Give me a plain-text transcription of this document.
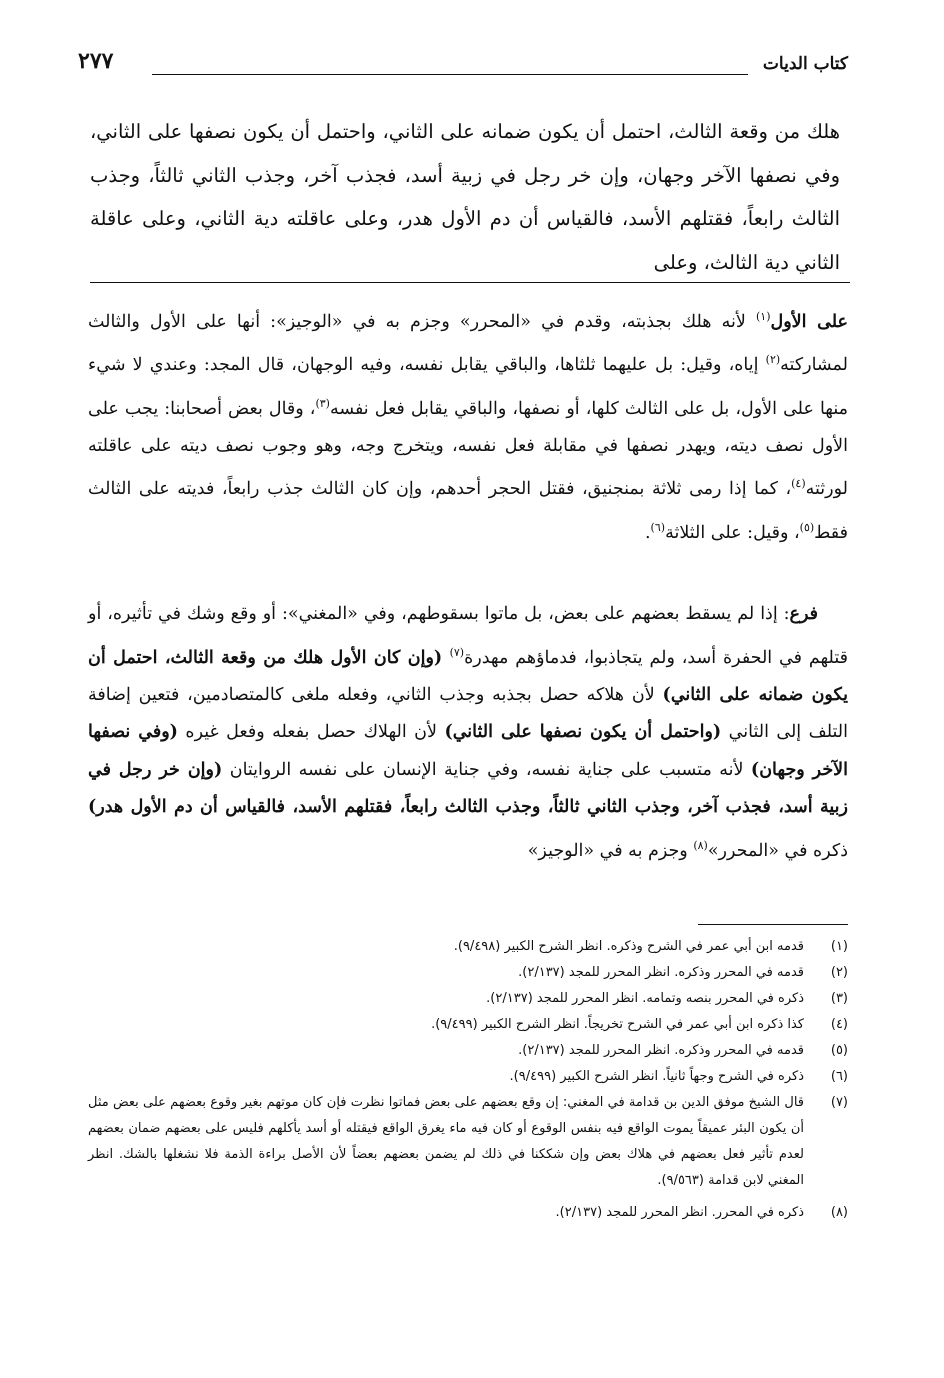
كتاب الديات
٢٧٧

هلك من وقعة الثالث، احتمل أن يكون ضمانه على الثاني، واحتمل أن يكون نصفها على الثاني، وفي نصفها الآخر وجهان، وإن خر رجل في زبية أسد، فجذب آخر، وجذب الثاني ثالثاً، وجذب الثالث رابعاً، فقتلهم الأسد، فالقياس أن دم الأول هدر، وعلى عاقلته دية الثاني، وعلى عاقلة الثاني دية الثالث، وعلى

على الأول$^{(١)}$ لأنه هلك بجذبته، وقدم في «المحرر» وجزم به في «الوجيز»: أنها على الأول والثالث لمشاركته$^{(٢)}$ إياه، وقيل: بل عليهما ثلثاها، والباقي يقابل نفسه، وفيه الوجهان، قال المجد: وعندي لا شيء منها على الأول، بل على الثالث كلها، أو نصفها، والباقي يقابل فعل نفسه$^{(٣)}$، وقال بعض أصحابنا: يجب على الأول نصف ديته، ويهدر نصفها في مقابلة فعل نفسه، ويتخرج وجه، وهو وجوب نصف ديته على عاقلته لورثته$^{(٤)}$، كما إذا رمى ثلاثة بمنجنيق، فقتل الحجر أحدهم، وإن كان الثالث جذب رابعاً، فديته على الثالث فقط$^{(٥)}$، وقيل: على الثلاثة$^{(٦)}$.

فرع: إذا لم يسقط بعضهم على بعض، بل ماتوا بسقوطهم، وفي «المغني»: أو وقع وشك في تأثيره، أو قتلهم في الحفرة أسد، ولم يتجاذبوا، فدماؤهم مهدرة$^{(٧)}$ (وإن كان الأول هلك من وقعة الثالث، احتمل أن يكون ضمانه على الثاني) لأن هلاكه حصل بجذبه وجذب الثاني، وفعله ملغى كالمتصادمين، فتعين إضافة التلف إلى الثاني (واحتمل أن يكون نصفها على الثاني) لأن الهلاك حصل بفعله وفعل غيره (وفي نصفها الآخر وجهان) لأنه متسبب على جناية نفسه، وفي جناية الإنسان على نفسه الروايتان (وإن خر رجل في زبية أسد، فجذب آخر، وجذب الثاني ثالثاً، وجذب الثالث رابعاً، فقتلهم الأسد، فالقياس أن دم الأول هدر) ذكره في «المحرر»$^{(٨)}$ وجزم به في «الوجيز»

(١)
قدمه ابن أبي عمر في الشرح وذكره. انظر الشرح الكبير (٩/٤٩٨).
(٢)
قدمه في المحرر وذكره. انظر المحرر للمجد (٢/١٣٧).
(٣)
ذكره في المحرر بنصه وتمامه. انظر المحرر للمجد (٢/١٣٧).
(٤)
كذا ذكره ابن أبي عمر في الشرح تخريجاً. انظر الشرح الكبير (٩/٤٩٩).
(٥)
قدمه في المحرر وذكره. انظر المحرر للمجد (٢/١٣٧).
(٦)
ذكره في الشرح وجهاً ثانياً. انظر الشرح الكبير (٩/٤٩٩).
(٧)
قال الشيخ موفق الدين بن قدامة في المغني: إن وقع بعضهم على بعض فماتوا نظرت فإن كان موتهم بغير وقوع بعضهم على بعض مثل أن يكون البئر عميقاً يموت الواقع فيه بنفس الوقوع أو كان فيه ماء يغرق الواقع فيقتله أو أسد يأكلهم فليس على بعضهم ضمان بعضهم لعدم تأثير فعل بعضهم في هلاك بعض وإن شككنا في ذلك لم يضمن بعضهم بعضاً لأن الأصل براءة الذمة فلا نشغلها بالشك. انظر المغني لابن قدامة (٩/٥٦٣).
(٨)
ذكره في المحرر. انظر المحرر للمجد (٢/١٣٧).
